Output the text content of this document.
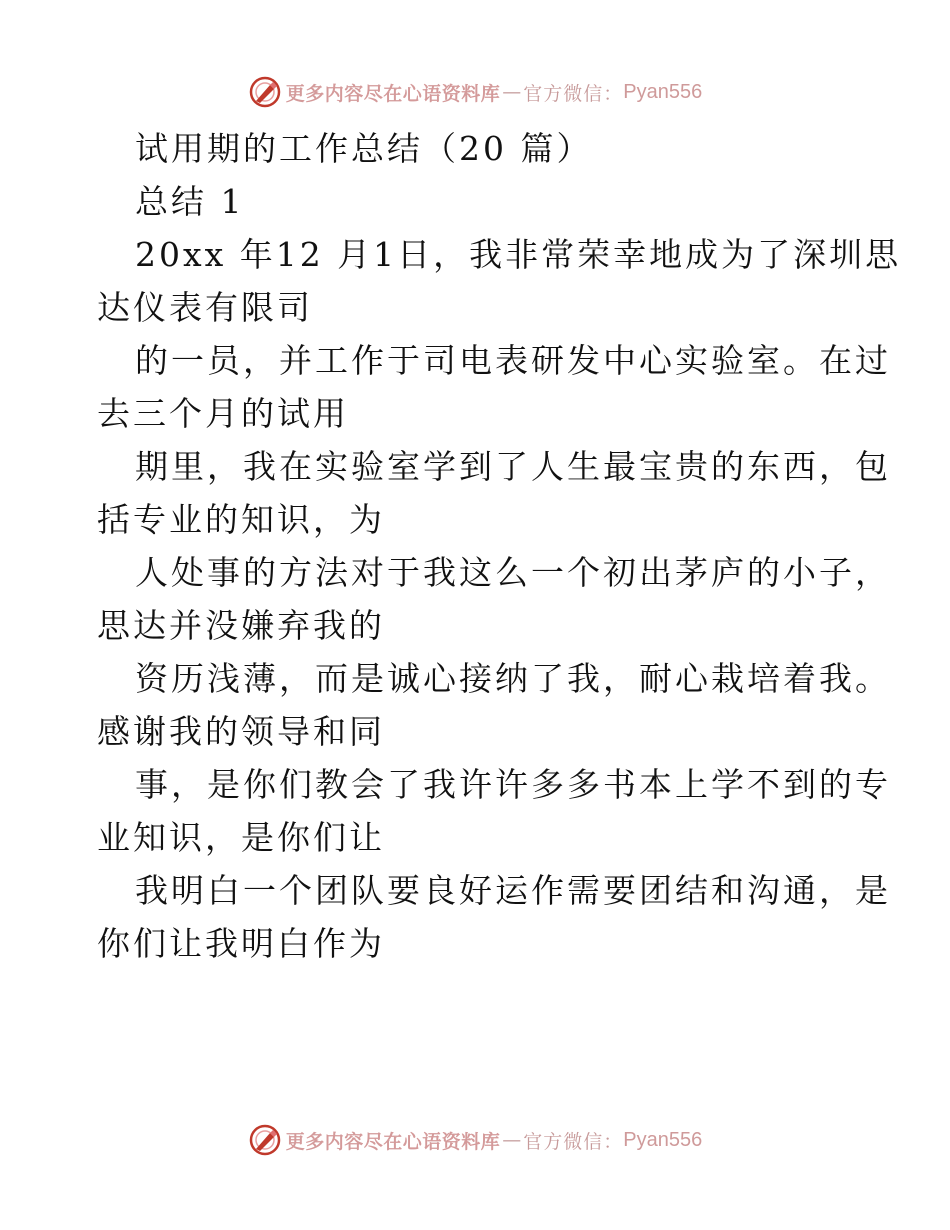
更多内容尽在心语资料库 — 官方微信： Pyan556
试用期的工作总结（20 篇）
总结 1
20xx 年12 月1日，我非常荣幸地成为了深圳思
达仪表有限司
的一员，并工作于司电表研发中心实验室。在过
去三个月的试用
期里，我在实验室学到了人生最宝贵的东西，包
括专业的知识，为
人处事的方法对于我这么一个初出茅庐的小子，
思达并没嫌弃我的
资历浅薄，而是诚心接纳了我，耐心栽培着我。
感谢我的领导和同
事，是你们教会了我许许多多书本上学不到的专
业知识，是你们让
我明白一个团队要良好运作需要团结和沟通，是
你们让我明白作为
更多内容尽在心语资料库 — 官方微信： Pyan556
